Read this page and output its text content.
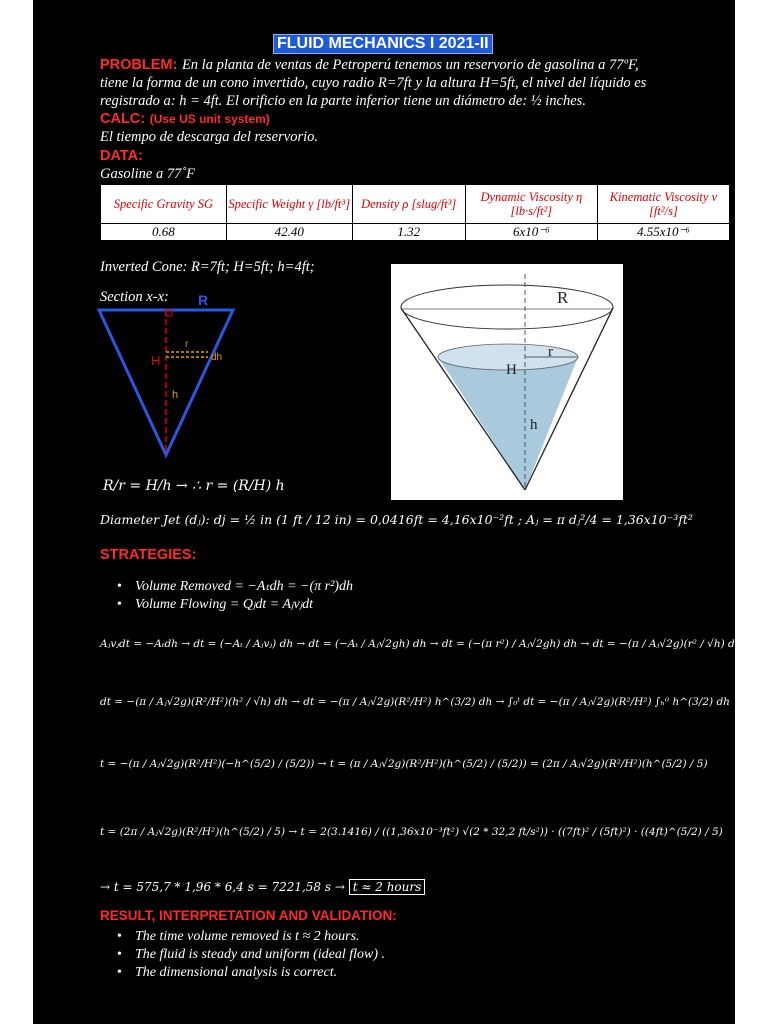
FLUID MECHANICS I 2021-II
PROBLEM: En la planta de ventas de Petroperú tenemos un reservorio de gasolina a 77ºF,
tiene la forma de un cono invertido, cuyo radio R=7ft y la altura H=5ft, el nivel del líquido es
registrado a: h = 4ft. El orificio en la parte inferior tiene un diámetro de: ½ inches.
CALC: (Use US unit system)
El tiempo de descarga del reservorio.
DATA:
Gasoline a 77˚F
Specific Gravity SG	Specific Weight γ [lb/ft³]	Density ρ [slug/ft³]	Dynamic Viscosity η [lb·s/ft²]	Kinematic Viscosity ν [ft²/s]
0.68	42.40	1.32	6x10⁻⁶	4.55x10⁻⁶
Inverted Cone: R=7ft; H=5ft; h=4ft;
Section x-x: R
r
dh
H
h
R
r
H
h
R/r = H/h → ∴ r = (R/H) h
Diameter Jet (dⱼ): dj = ½ in (1 ft / 12 in) = 0,0416ft = 4,16x10⁻²ft ; Aⱼ = π dⱼ²/4 = 1,36x10⁻³ft²
STRATEGIES:
• Volume Removed = −Aₜdh = −(π r²)dh
• Volume Flowing = Qⱼdt = Aⱼvⱼdt
Aⱼvⱼdt = −Aₜdh → dt = (−Aₜ / Aⱼvⱼ) dh → dt = (−Aₜ / Aⱼ√2gh) dh → dt = (−(π r²) / Aⱼ√2gh) dh → dt = −(π / Aⱼ√2g)(r² / √h) dh
dt = −(π / Aⱼ√2g)(R²/H²)(h² / √h) dh → dt = −(π / Aⱼ√2g)(R²/H²) h^(3/2) dh → ∫₀ᵗ dt = −(π / Aⱼ√2g)(R²/H²) ∫ₕ⁰ h^(3/2) dh
t = −(π / Aⱼ√2g)(R²/H²)(−h^(5/2) / (5/2)) → t = (π / Aⱼ√2g)(R²/H²)(h^(5/2) / (5/2)) = (2π / Aⱼ√2g)(R²/H²)(h^(5/2) / 5)
t = (2π / Aⱼ√2g)(R²/H²)(h^(5/2) / 5) → t = 2(3.1416) / ((1,36x10⁻³ft²) √(2 * 32,2 ft/s²)) · ((7ft)² / (5ft)²) · ((4ft)^(5/2) / 5)
→ t = 575,7 * 1,96 * 6,4 s = 7221,58 s → t ≈ 2 hours
RESULT, INTERPRETATION AND VALIDATION:
• The time volume removed is t ≈ 2 hours.
• The fluid is steady and uniform (ideal flow) .
• The dimensional analysis is correct.
